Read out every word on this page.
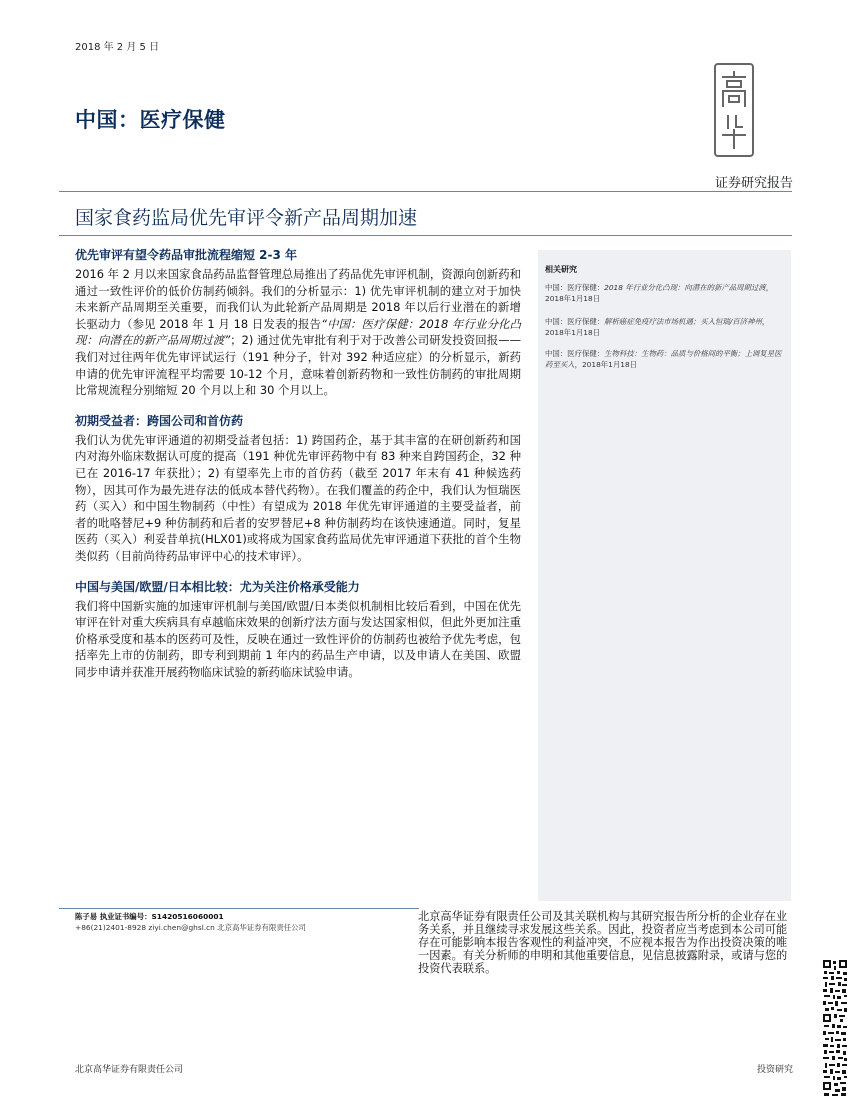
2018 年 2 月 5 日
中国：医疗保健
证券研究报告
国家食药监局优先审评令新产品周期加速
优先审评有望令药品审批流程缩短 2-3 年

2016 年 2 月以来国家食品药品监督管理总局推出了药品优先审评机制，资源向创新药和通过一致性评价的低价仿制药倾斜。我们的分析显示：1) 优先审评机制的建立对于加快未来新产品周期至关重要，而我们认为此轮新产品周期是 2018 年以后行业潜在的新增长驱动力（参见 2018 年 1 月 18 日发表的报告“中国：医疗保健：2018 年行业分化凸现：向潜在的新产品周期过渡”；2) 通过优先审批有利于对于改善公司研发投资回报——我们对过往两年优先审评试运行（191 种分子，针对 392 种适应症）的分析显示，新药申请的优先审评流程平均需要 10-12 个月，意味着创新药物和一致性仿制药的审批周期比常规流程分别缩短 20 个月以上和 30 个月以上。

初期受益者：跨国公司和首仿药

我们认为优先审评通道的初期受益者包括：1) 跨国药企，基于其丰富的在研创新药和国内对海外临床数据认可度的提高（191 种优先审评药物中有 83 种来自跨国药企，32 种已在 2016-17 年获批）；2) 有望率先上市的首仿药（截至 2017 年末有 41 种候选药物），因其可作为最先进存法的低成本替代药物）。在我们覆盖的药企中，我们认为恒瑞医药（买入）和中国生物制药（中性）有望成为 2018 年优先审评通道的主要受益者，前者的吡咯替尼+9 种仿制药和后者的安罗替尼+8 种仿制药均在该快速通道。同时，复星医药（买入）利妥昔单抗(HLX01)或将成为国家食药监局优先审评通道下获批的首个生物类似药（目前尚待药品审评中心的技术审评）。

中国与美国/欧盟/日本相比较：尤为关注价格承受能力

我们将中国新实施的加速审评机制与美国/欧盟/日本类似机制相比较后看到，中国在优先审评在针对重大疾病具有卓越临床效果的创新疗法方面与发达国家相似，但此外更加注重价格承受度和基本的医药可及性，反映在通过一致性评价的仿制药也被给予优先考虑，包括率先上市的仿制药，即专利到期前 1 年内的药品生产申请，以及申请人在美国、欧盟同步申请并获准开展药物临床试验的新药临床试验申请。

相关研究
中国：医疗保健：2018 年行业分化凸现：向潜在的新产品周期过渡，2018年1月18日
中国：医疗保健：解析癌症免疫疗法市场机遇；买入恒瑞/百济神州，2018年1月18日
中国：医疗保健：生物科技：生物药：品质与价格间的平衡；上调复星医药至买入，2018年1月18日
陈子易 执业证书编号：S1420516060001
+86(21)2401-8928 ziyi.chen@ghsl.cn 北京高华证券有限责任公司
北京高华证券有限责任公司及其关联机构与其研究报告所分析的企业存在业务关系，并且继续寻求发展这些关系。因此，投资者应当考虑到本公司可能存在可能影响本报告客观性的利益冲突，不应视本报告为作出投资决策的唯一因素。有关分析师的申明和其他重要信息，见信息披露附录，或请与您的投资代表联系。
北京高华证券有限责任公司	投资研究
